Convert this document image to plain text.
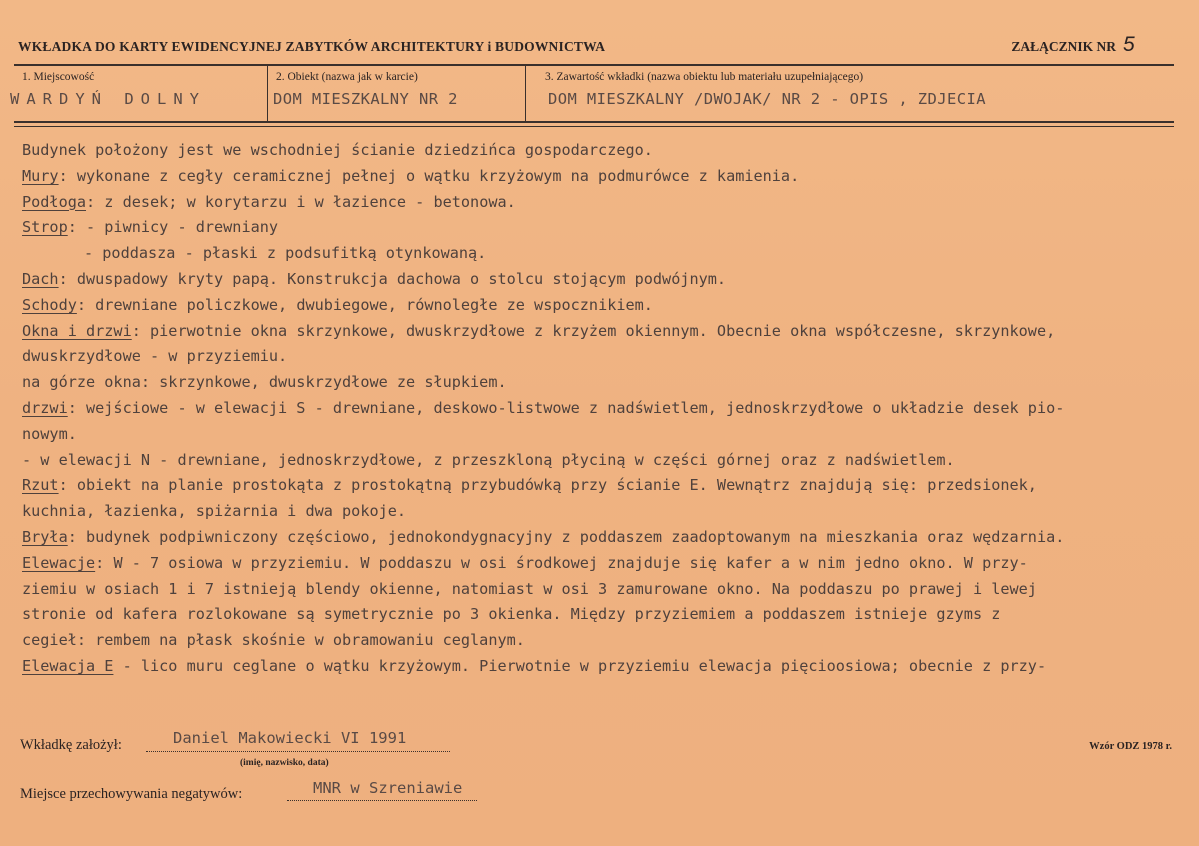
WKŁADKA DO KARTY EWIDENCYJNEJ ZABYTKÓW ARCHITEKTURY i BUDOWNICTWA	ZAŁĄCZNIK NR 5
1. Miejscowość	2. Obiekt (nazwa jak w karcie)	3. Zawartość wkładki (nazwa obiektu lub materiału uzupełniającego)
WARDYŃ DOLNY	DOM MIESZKALNY NR 2	DOM MIESZKALNY /DWOJAK/ NR 2 - OPIS , ZDJECIA
Budynek położony jest we wschodniej ścianie dziedzińca gospodarczego.
Mury: wykonane z cegły ceramicznej pełnej o wątku krzyżowym na podmurówce z kamienia.
Podłoga: z desek; w korytarzu i w łazience - betonowa.
Strop: - piwnicy - drewniany
- poddasza - płaski z podsufitką otynkowaną.
Dach: dwuspadowy kryty papą. Konstrukcja dachowa o stolcu stojącym podwójnym.
Schody: drewniane policzkowe, dwubiegowe, równoległe ze wspocznikiem.
Okna i drzwi: pierwotnie okna skrzynkowe, dwuskrzydłowe z krzyżem okiennym. Obecnie okna współczesne, skrzynkowe,
dwuskrzydłowe - w przyziemiu.
na górze okna: skrzynkowe, dwuskrzydłowe ze słupkiem.
drzwi: wejściowe - w elewacji S - drewniane, deskowo-listwowe z nadświetlem, jednoskrzydłowe o układzie desek pio-
nowym.
- w elewacji N - drewniane, jednoskrzydłowe, z przeszkloną płyciną w części górnej oraz z nadświetlem.
Rzut: obiekt na planie prostokąta z prostokątną przybudówką przy ścianie E. Wewnątrz znajdują się: przedsionek,
kuchnia, łazienka, spiżarnia i dwa pokoje.
Bryła: budynek podpiwniczony częściowo, jednokondygnacyjny z poddaszem zaadoptowanym na mieszkania oraz wędzarnia.
Elewacje: W - 7 osiowa w przyziemiu. W poddaszu w osi środkowej znajduje się kafer a w nim jedno okno. W przy-
ziemiu w osiach 1 i 7 istnieją blendy okienne, natomiast w osi 3 zamurowane okno. Na poddaszu po prawej i lewej
stronie od kafera rozlokowane są symetrycznie po 3 okienka. Między przyziemiem a poddaszem istnieje gzyms z
cegieł: rembem na płask skośnie w obramowaniu ceglanym.
Elewacja E - lico muru ceglane o wątku krzyżowym. Pierwotnie w przyziemiu elewacja pięcioosiowa; obecnie z przy-
Wkładkę założył:	Daniel Makowiecki VI 1991
(imię, nazwisko, data)
Wzór ODZ 1978 r.
Miejsce przechowywania negatywów:	MNR w Szreniawie
